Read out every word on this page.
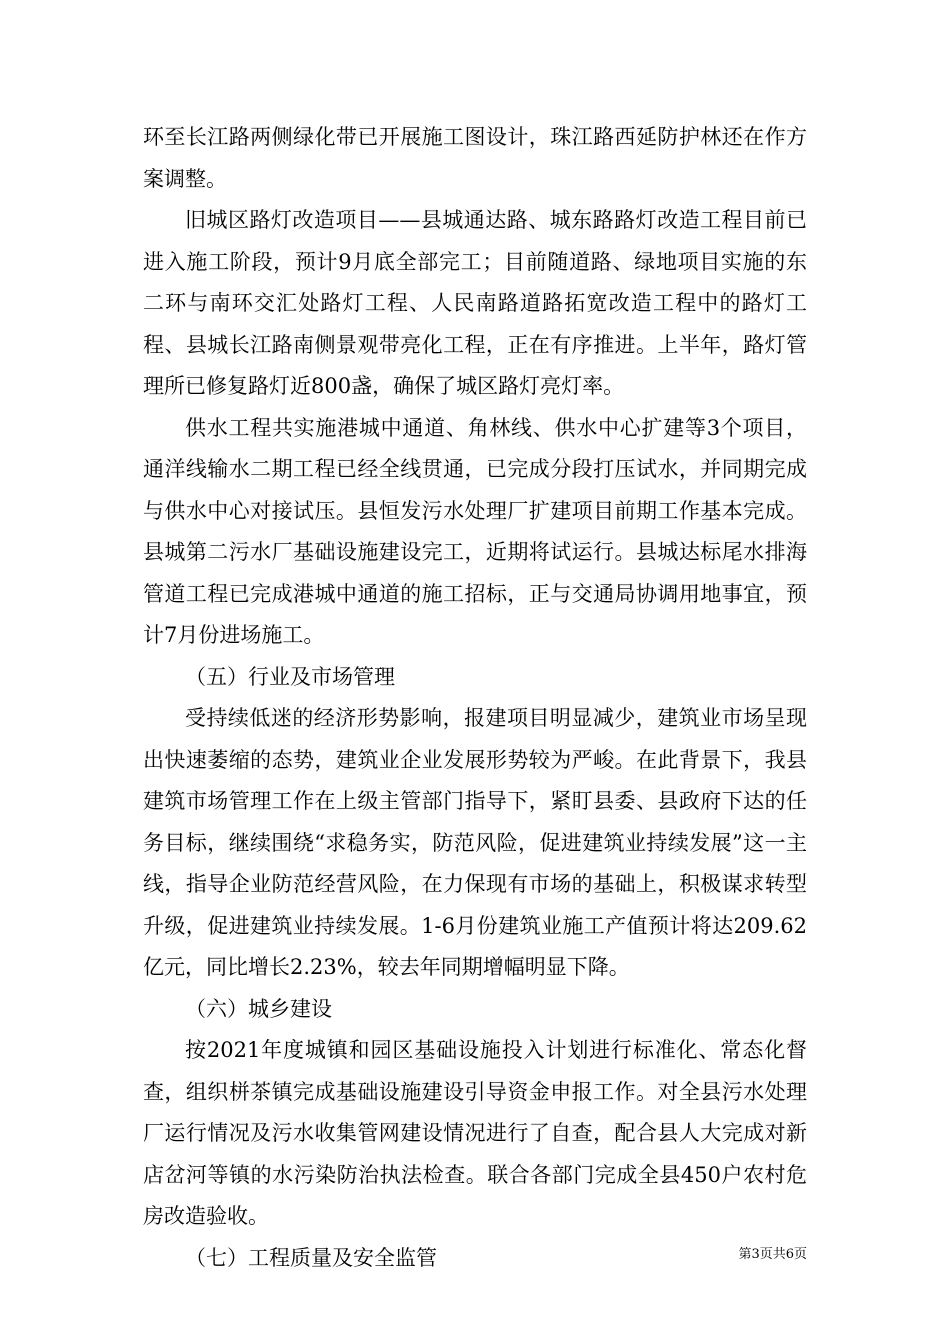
环至长江路两侧绿化带已开展施工图设计，珠江路西延防护林还在作方案调整。

旧城区路灯改造项目——县城通达路、城东路路灯改造工程目前已进入施工阶段，预计9月底全部完工；目前随道路、绿地项目实施的东二环与南环交汇处路灯工程、人民南路道路拓宽改造工程中的路灯工程、县城长江路南侧景观带亮化工程，正在有序推进。上半年，路灯管理所已修复路灯近800盏，确保了城区路灯亮灯率。

供水工程共实施港城中通道、角林线、供水中心扩建等3个项目，通洋线输水二期工程已经全线贯通，已完成分段打压试水，并同期完成与供水中心对接试压。县恒发污水处理厂扩建项目前期工作基本完成。县城第二污水厂基础设施建设完工，近期将试运行。县城达标尾水排海管道工程已完成港城中通道的施工招标，正与交通局协调用地事宜，预计7月份进场施工。

（五）行业及市场管理

受持续低迷的经济形势影响，报建项目明显减少，建筑业市场呈现出快速萎缩的态势，建筑业企业发展形势较为严峻。在此背景下，我县建筑市场管理工作在上级主管部门指导下，紧盯县委、县政府下达的任务目标，继续围绕“求稳务实，防范风险，促进建筑业持续发展”这一主线，指导企业防范经营风险，在力保现有市场的基础上，积极谋求转型升级，促进建筑业持续发展。1-6月份建筑业施工产值预计将达209.62亿元，同比增长2.23%，较去年同期增幅明显下降。

（六）城乡建设

按2021年度城镇和园区基础设施投入计划进行标准化、常态化督查，组织栟茶镇完成基础设施建设引导资金申报工作。对全县污水处理厂运行情况及污水收集管网建设情况进行了自查，配合县人大完成对新店岔河等镇的水污染防治执法检查。联合各部门完成全县450户农村危房改造验收。

（七）工程质量及安全监管	第3页共6页
